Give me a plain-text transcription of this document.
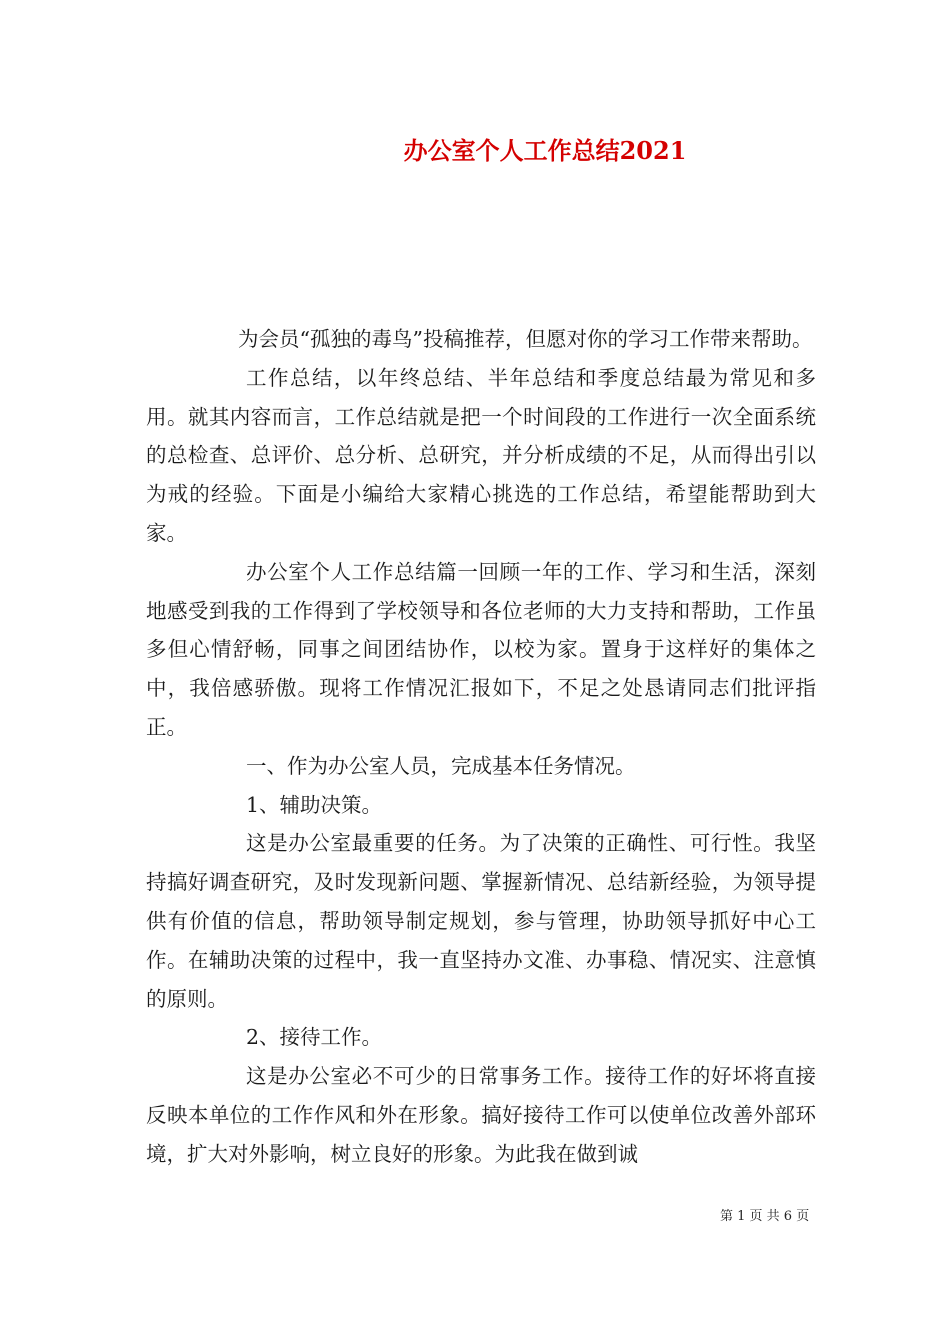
办公室个人工作总结2021

为会员“孤独的毒鸟”投稿推荐，但愿对你的学习工作带来帮助。

工作总结，以年终总结、半年总结和季度总结最为常见和多用。就其内容而言，工作总结就是把一个时间段的工作进行一次全面系统的总检查、总评价、总分析、总研究，并分析成绩的不足，从而得出引以为戒的经验。下面是小编给大家精心挑选的工作总结，希望能帮助到大家。

办公室个人工作总结篇一回顾一年的工作、学习和生活，深刻地感受到我的工作得到了学校领导和各位老师的大力支持和帮助，工作虽多但心情舒畅，同事之间团结协作，以校为家。置身于这样好的集体之中，我倍感骄傲。现将工作情况汇报如下，不足之处恳请同志们批评指正。

一、作为办公室人员，完成基本任务情况。

1、辅助决策。

这是办公室最重要的任务。为了决策的正确性、可行性。我坚持搞好调查研究，及时发现新问题、掌握新情况、总结新经验，为领导提供有价值的信息，帮助领导制定规划，参与管理，协助领导抓好中心工作。在辅助决策的过程中，我一直坚持办文准、办事稳、情况实、注意慎的原则。

2、接待工作。

这是办公室必不可少的日常事务工作。接待工作的好坏将直接反映本单位的工作作风和外在形象。搞好接待工作可以使单位改善外部环境，扩大对外影响，树立良好的形象。为此我在做到诚

第 1 页 共 6 页
